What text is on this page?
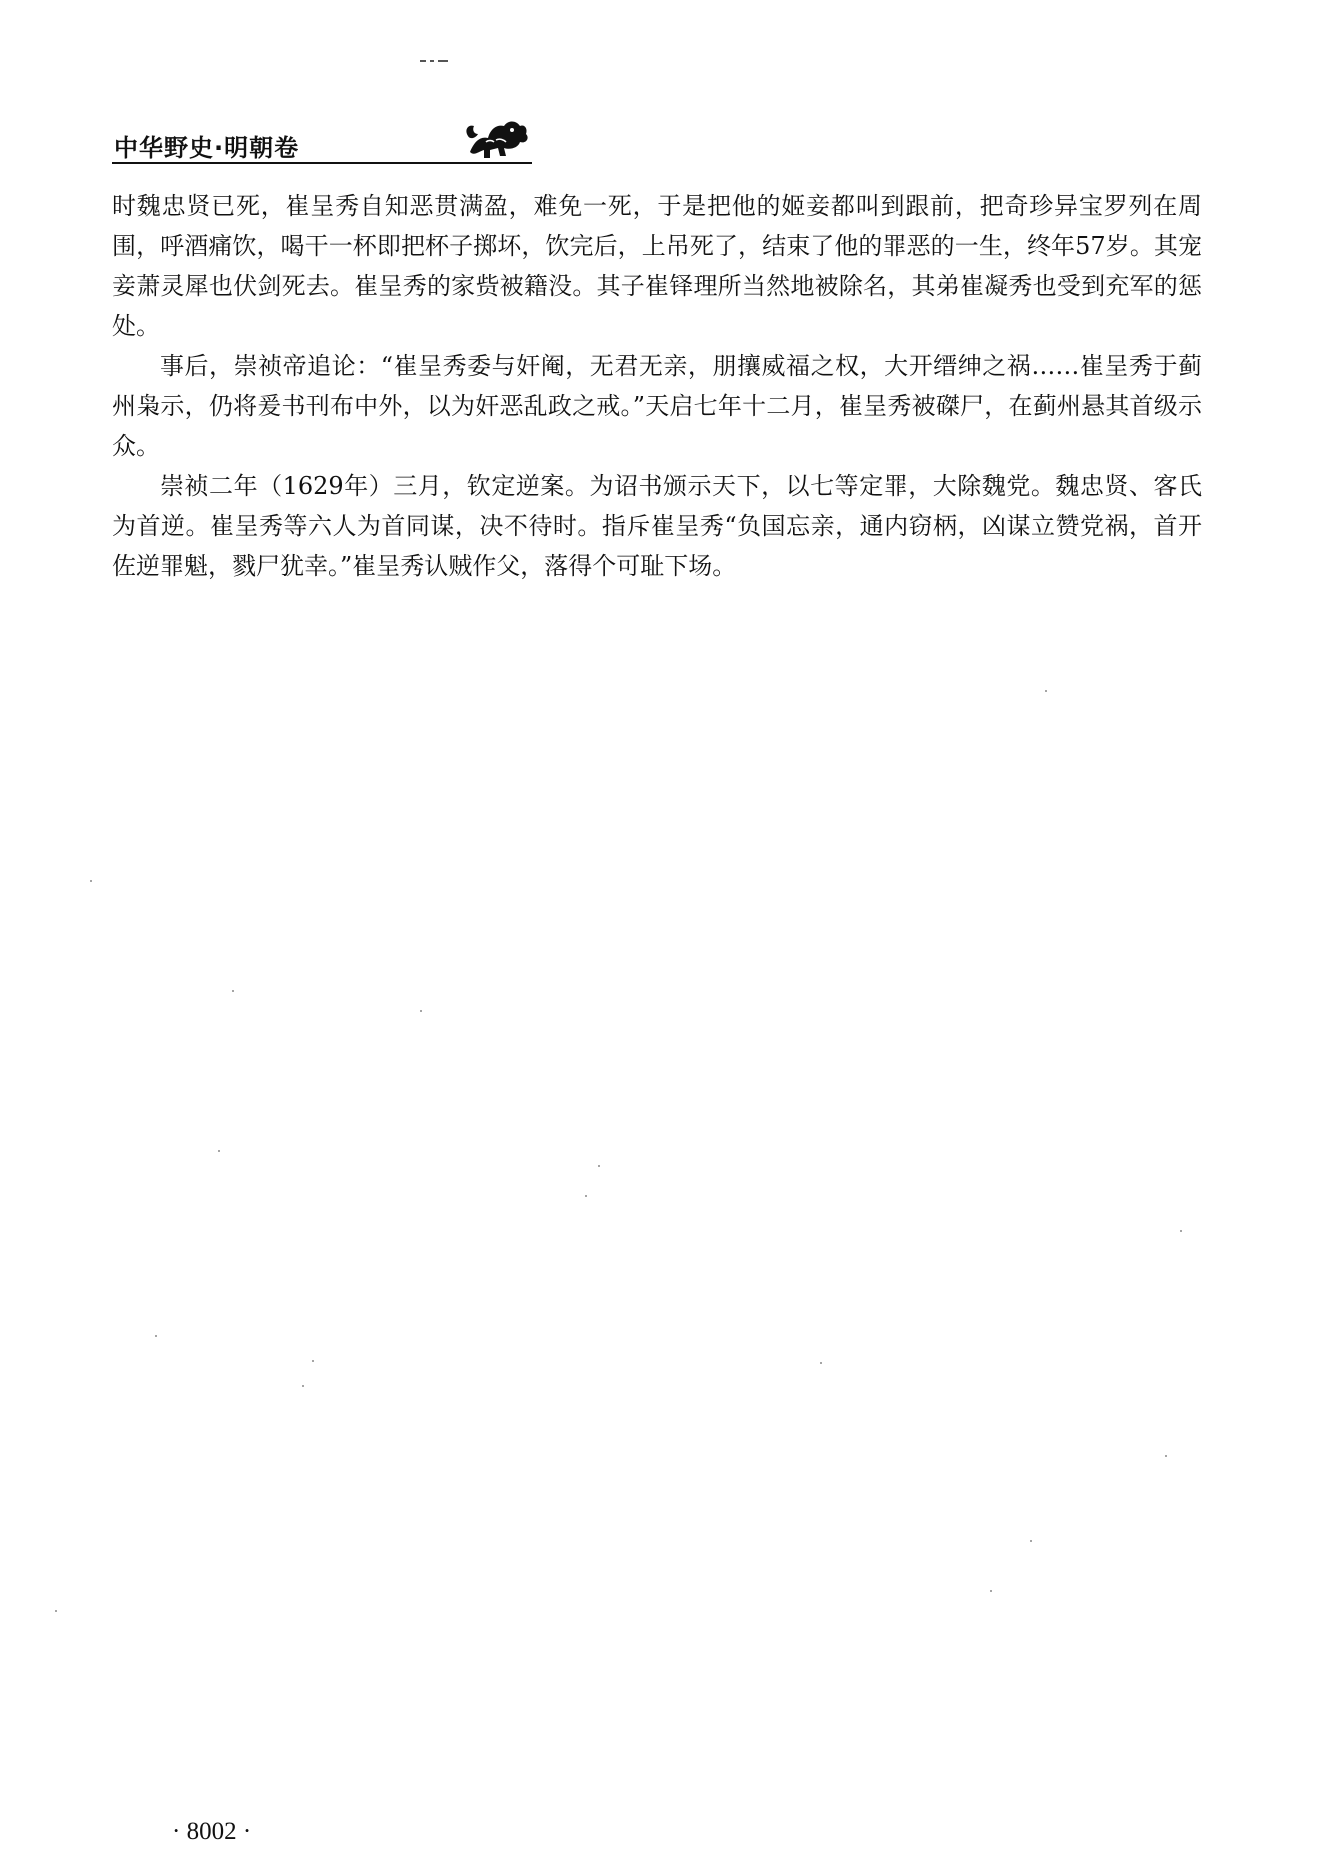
中华野史·明朝卷

时魏忠贤已死，崔呈秀自知恶贯满盈，难免一死，于是把他的姬妾都叫到跟前，把奇珍异宝罗列在周围，呼酒痛饮，喝干一杯即把杯子掷坏，饮完后，上吊死了，结束了他的罪恶的一生，终年57岁。其宠妾萧灵犀也伏剑死去。崔呈秀的家赀被籍没。其子崔铎理所当然地被除名，其弟崔凝秀也受到充军的惩处。

事后，崇祯帝追论：“崔呈秀委与奸阉，无君无亲，朋攘威福之权，大开缙绅之祸……崔呈秀于蓟州枭示，仍将爰书刊布中外，以为奸恶乱政之戒。”天启七年十二月，崔呈秀被磔尸，在蓟州悬其首级示众。

崇祯二年（1629年）三月，钦定逆案。为诏书颁示天下，以七等定罪，大除魏党。魏忠贤、客氏为首逆。崔呈秀等六人为首同谋，决不待时。指斥崔呈秀“负国忘亲，通内窃柄，凶谋立赞党祸，首开佐逆罪魁，戮尸犹幸。”崔呈秀认贼作父，落得个可耻下场。

· 8002 ·
